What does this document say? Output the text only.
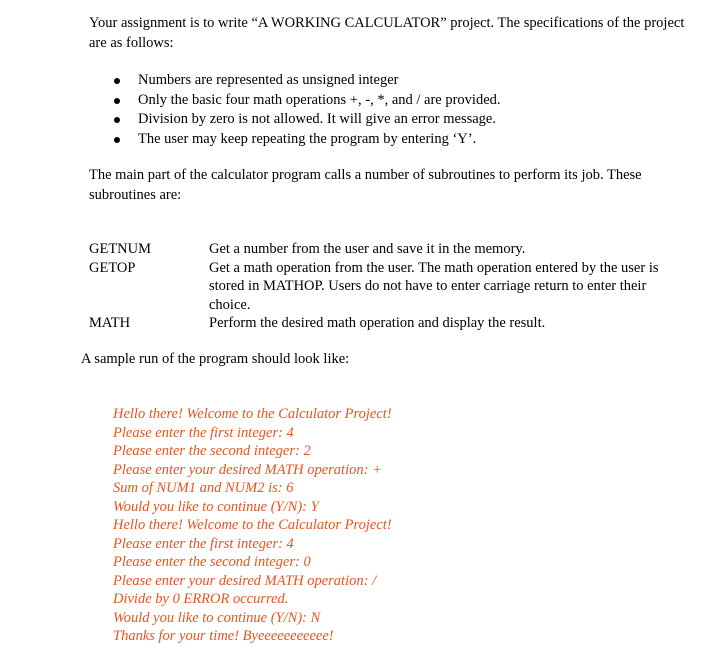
Your assignment is to write “A WORKING CALCULATOR” project. The specifications of the project are as follows:

Numbers are represented as unsigned integer
Only the basic four math operations +, -, *, and / are provided.
Division by zero is not allowed. It will give an error message.
The user may keep repeating the program by entering ‘Y’.

The main part of the calculator program calls a number of subroutines to perform its job. These subroutines are:

GETNUM	Get a number from the user and save it in the memory.
GETOP	Get a math operation from the user. The math operation entered by the user is stored in MATHOP. Users do not have to enter carriage return to enter their choice.
MATH	Perform the desired math operation and display the result.

A sample run of the program should look like:

Hello there! Welcome to the Calculator Project!
Please enter the first integer: 4
Please enter the second integer: 2
Please enter your desired MATH operation: +
Sum of NUM1 and NUM2 is: 6
Would you like to continue (Y/N): Y
Hello there! Welcome to the Calculator Project!
Please enter the first integer: 4
Please enter the second integer: 0
Please enter your desired MATH operation: /
Divide by 0 ERROR occurred.
Would you like to continue (Y/N): N
Thanks for your time! Byeeeeeeeeeee!
